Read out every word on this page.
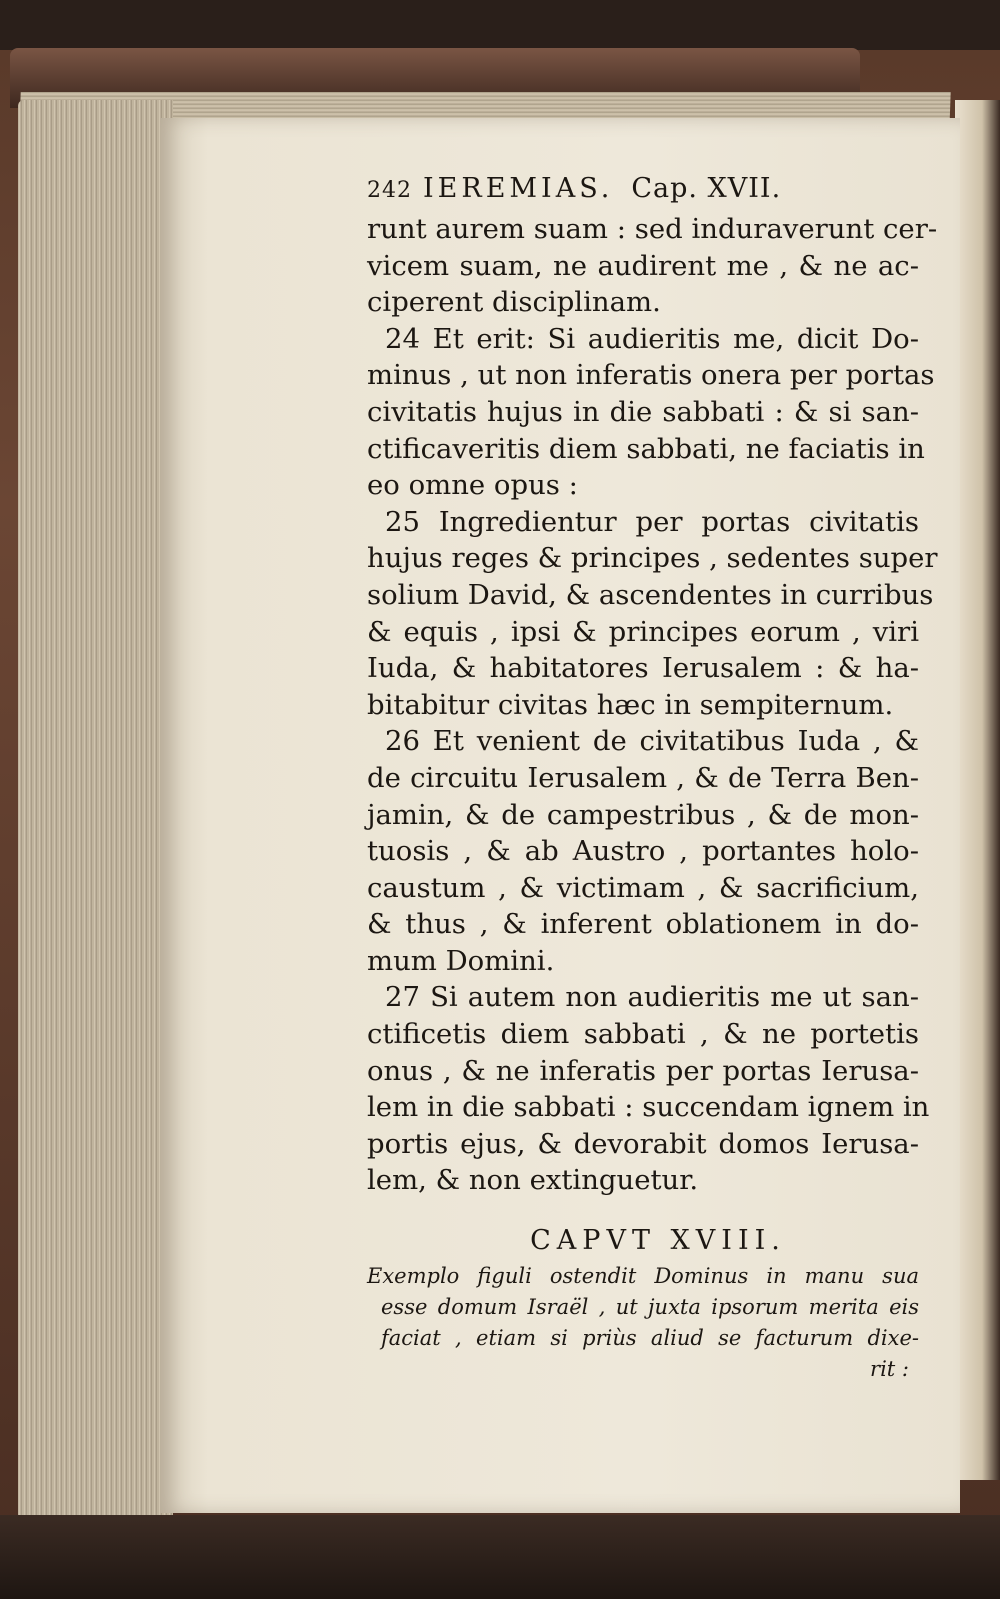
242 IEREMIAS. Cap. XVII.
runt aurem suam : sed induraverunt cer-
vicem suam, ne audirent me , & ne ac-
ciperent disciplinam.
24 Et erit: Si audieritis me, dicit Do-
minus , ut non inferatis onera per portas
civitatis hujus in die sabbati : & si san-
ctificaveritis diem sabbati, ne faciatis in
eo omne opus :
25 Ingredientur per portas civitatis
hujus reges & principes , sedentes super
solium David, & ascendentes in curribus
& equis , ipsi & principes eorum , viri
Iuda, & habitatores Ierusalem : & ha-
bitabitur civitas hæc in sempiternum.
26 Et venient de civitatibus Iuda , &
de circuitu Ierusalem , & de Terra Ben-
jamin, & de campestribus , & de mon-
tuosis , & ab Austro , portantes holo-
caustum , & victimam , & sacrificium,
& thus , & inferent oblationem in do-
mum Domini.
27 Si autem non audieritis me ut san-
ctificetis diem sabbati , & ne portetis
onus , & ne inferatis per portas Ierusa-
lem in die sabbati : succendam ignem in
portis ejus, & devorabit domos Ierusa-
lem, & non extinguetur.
CAPVT XVIII.
Exemplo figuli ostendit Dominus in manu sua
esse domum Israël , ut juxta ipsorum merita eis
faciat , etiam si priùs aliud se facturum dixe-
rit :
